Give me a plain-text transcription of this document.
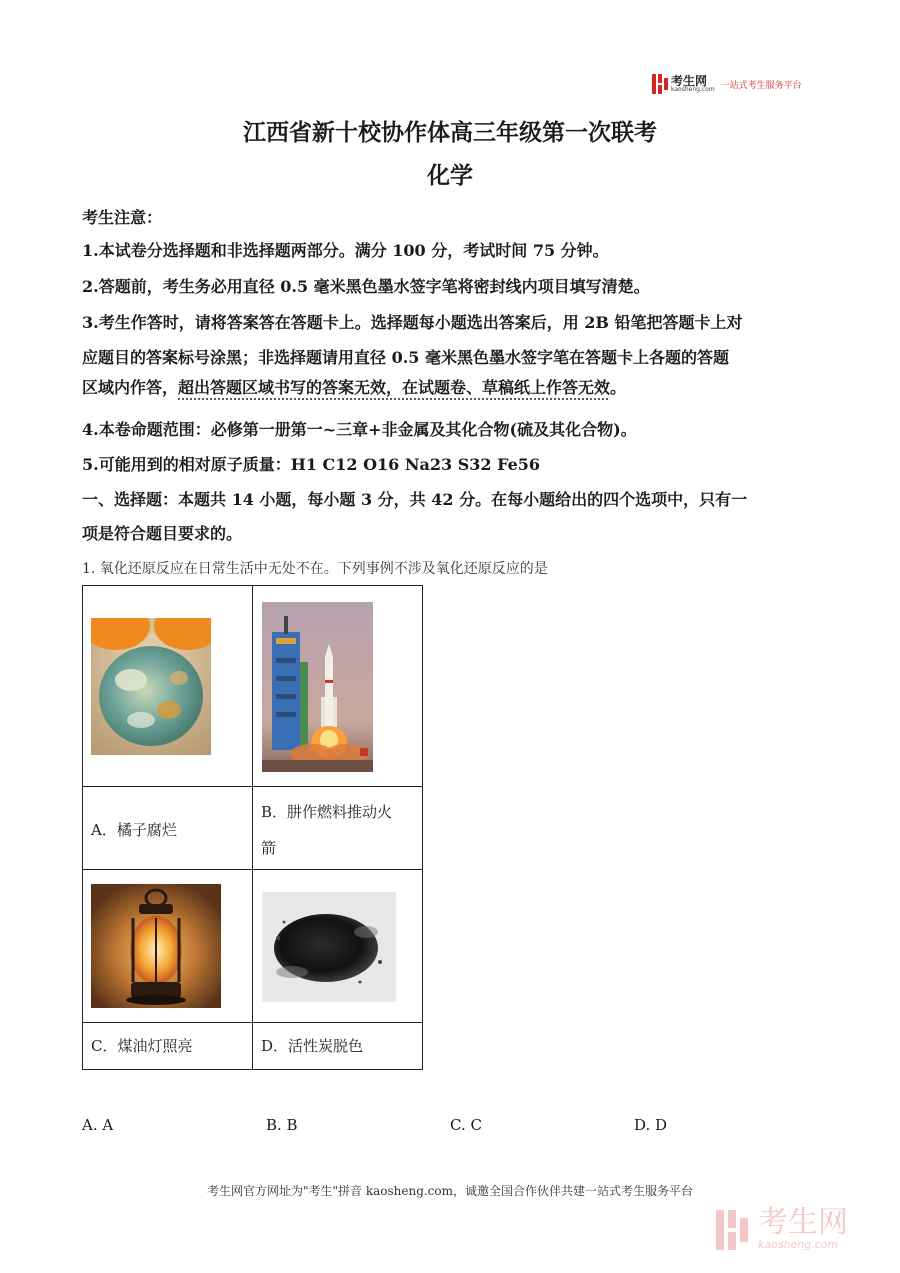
考生网
kaosheng.com 一站式考生服务平台
江西省新十校协作体高三年级第一次联考
化学
考生注意：
1.本试卷分选择题和非选择题两部分。满分 100 分，考试时间 75 分钟。
2.答题前，考生务必用直径 0.5 毫米黑色墨水签字笔将密封线内项目填写清楚。
3.考生作答时，请将答案答在答题卡上。选择题每小题选出答案后，用 2B 铅笔把答题卡上对
应题目的答案标号涂黑；非选择题请用直径 0.5 毫米黑色墨水签字笔在答题卡上各题的答题
区域内作答，超出答题区域书写的答案无效，在试题卷、草稿纸上作答无效。
4.本卷命题范围：必修第一册第一~三章+非金属及其化合物(硫及其化合物)。
5.可能用到的相对原子质量：H1 C12 O16 Na23 S32 Fe56
一、选择题：本题共 14 小题，每小题 3 分，共 42 分。在每小题给出的四个选项中，只有一
项是符合题目要求的。
1. 氧化还原反应在日常生活中无处不在。下列事例不涉及氧化还原反应的是

A．橘子腐烂	B．肼作燃料推动火
箭

C．煤油灯照亮	D．活性炭脱色
A. A	B. B	C. C	D. D
考生网官方网址为"考生"拼音 kaosheng.com，诚邀全国合作伙伴共建一站式考生服务平台
考生网
kaosheng.com
